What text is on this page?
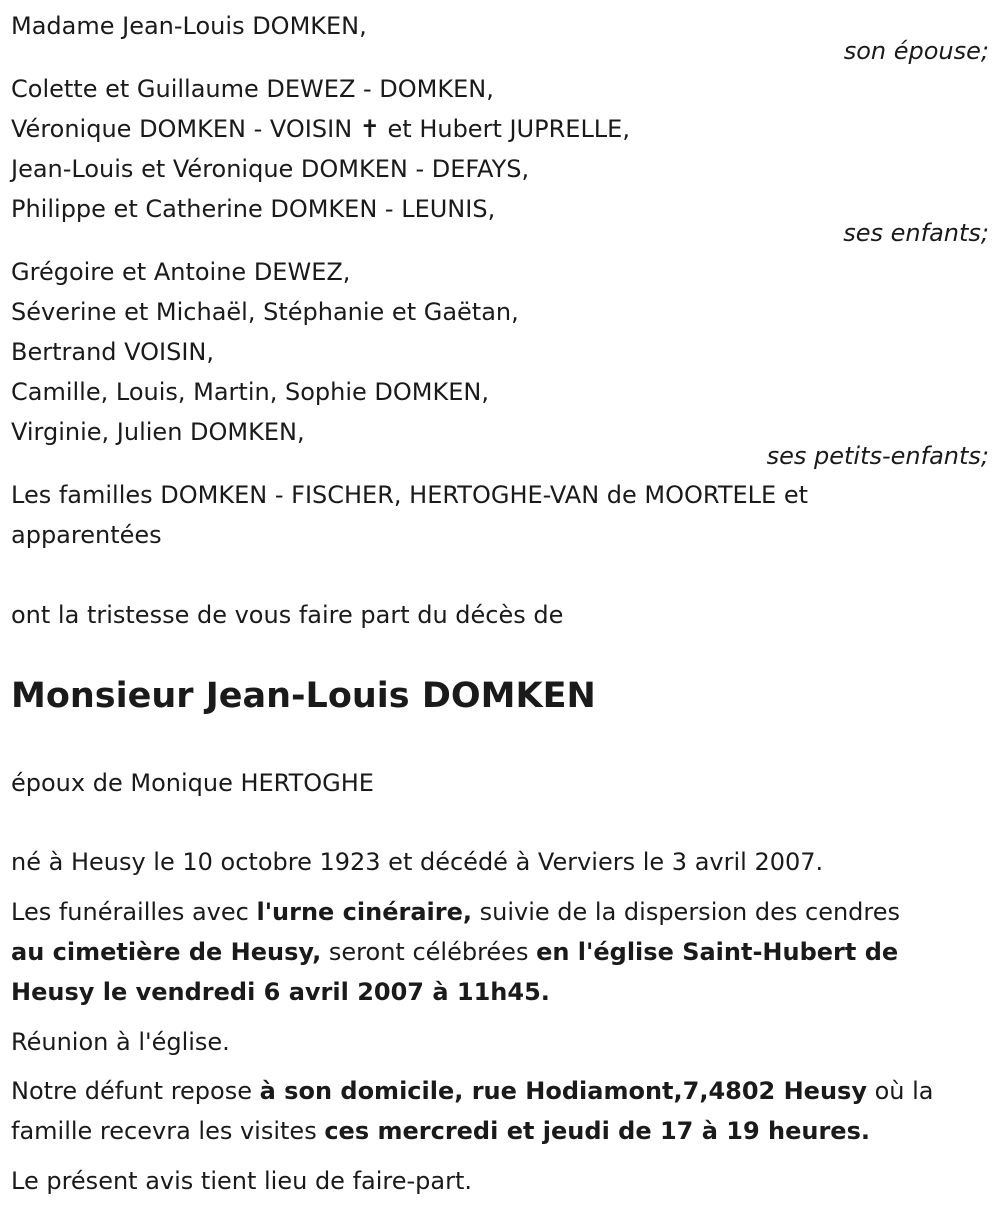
Madame Jean-Louis DOMKEN,
son épouse;
Colette et Guillaume DEWEZ - DOMKEN,
Véronique DOMKEN - VOISIN ✝ et Hubert JUPRELLE,
Jean-Louis et Véronique DOMKEN - DEFAYS,
Philippe et Catherine DOMKEN - LEUNIS,
ses enfants;
Grégoire et Antoine DEWEZ,
Séverine et Michaël, Stéphanie et Gaëtan,
Bertrand VOISIN,
Camille, Louis, Martin, Sophie DOMKEN,
Virginie, Julien DOMKEN,
ses petits-enfants;
Les familles DOMKEN - FISCHER, HERTOGHE-VAN de MOORTELE et
apparentées
ont la tristesse de vous faire part du décès de
Monsieur Jean-Louis DOMKEN
époux de Monique HERTOGHE
né à Heusy le 10 octobre 1923 et décédé à Verviers le 3 avril 2007.
Les funérailles avec l'urne cinéraire, suivie de la dispersion des cendres
au cimetière de Heusy, seront célébrées en l'église Saint-Hubert de
Heusy le vendredi 6 avril 2007 à 11h45.
Réunion à l'église.
Notre défunt repose à son domicile, rue Hodiamont,7,4802 Heusy où la
famille recevra les visites ces mercredi et jeudi de 17 à 19 heures.
Le présent avis tient lieu de faire-part.
